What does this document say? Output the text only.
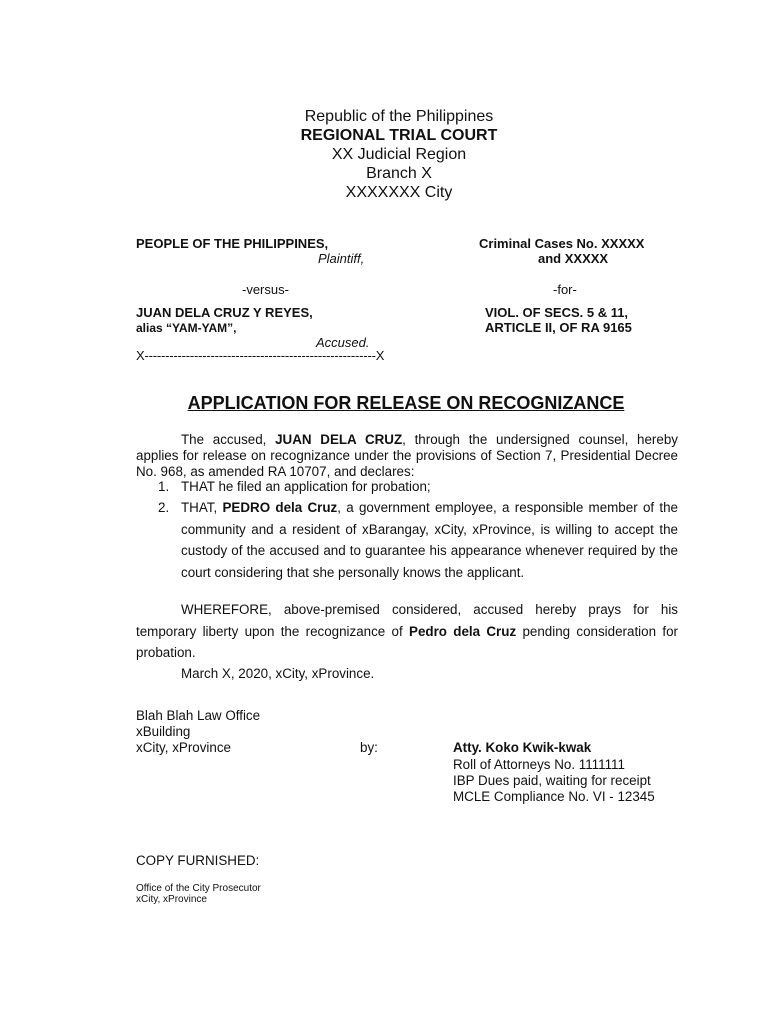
Republic of the Philippines
REGIONAL TRIAL COURT
XX Judicial Region
Branch X
XXXXXXX City
PEOPLE OF THE PHILIPPINES,
Plaintiff,
Criminal Cases No. XXXXX
and XXXXX
-versus-	-for-
JUAN DELA CRUZ Y REYES,
alias “YAM-YAM”,
Accused.
VIOL. OF SECS. 5 & 11,
ARTICLE II, OF RA 9165
X--------------------------------------------------------X
APPLICATION FOR RELEASE ON RECOGNIZANCE
The accused, JUAN DELA CRUZ, through the undersigned counsel, hereby applies for release on recognizance under the provisions of Section 7, Presidential Decree No. 968, as amended RA 10707, and declares:
1. THAT he filed an application for probation;
2. THAT, PEDRO dela Cruz, a government employee, a responsible member of the community and a resident of xBarangay, xCity, xProvince, is willing to accept the custody of the accused and to guarantee his appearance whenever required by the court considering that she personally knows the applicant.
WHEREFORE, above-premised considered, accused hereby prays for his temporary liberty upon the recognizance of Pedro dela Cruz pending consideration for probation.
March X, 2020, xCity, xProvince.
Blah Blah Law Office
xBuilding
xCity, xProvince	by:	Atty. Koko Kwik-kwak
Roll of Attorneys No. 1111111
IBP Dues paid, waiting for receipt
MCLE Compliance No. VI - 12345
COPY FURNISHED:
Office of the City Prosecutor
xCity, xProvince
